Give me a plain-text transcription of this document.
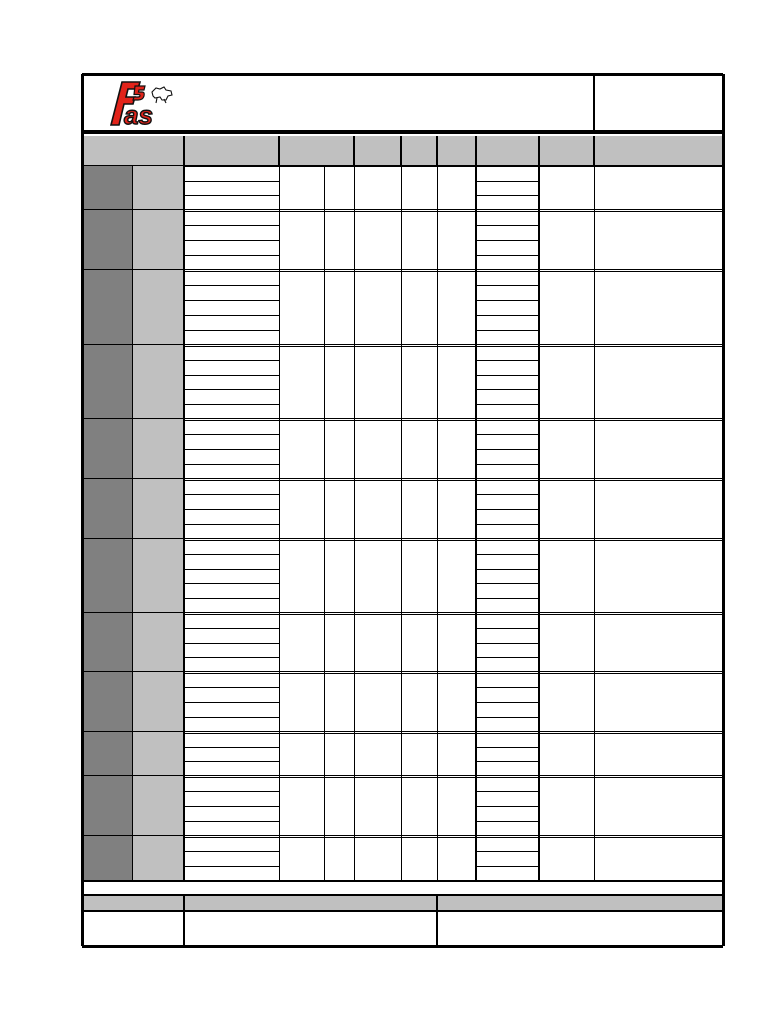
as
